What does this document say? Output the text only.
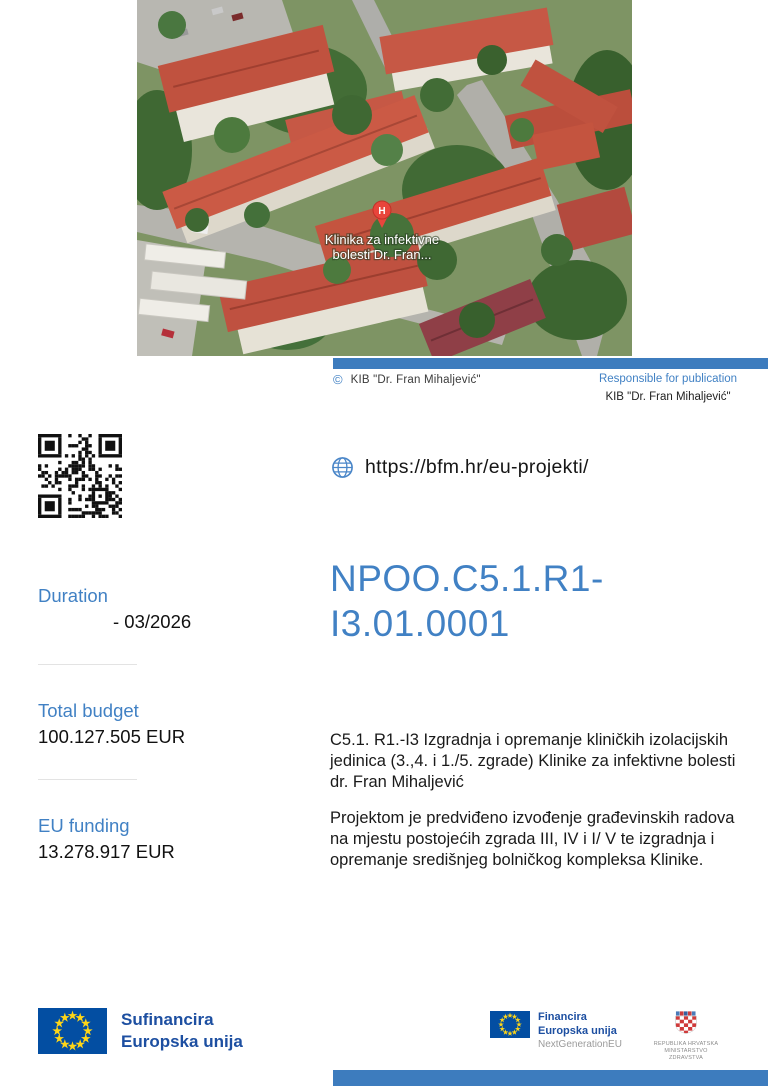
H
Klinika za infektivne
bolesti Dr. Fran...
© KIB "Dr. Fran Mihaljević"	Responsible for publication
KIB "Dr. Fran Mihaljević"
https://bfm.hr/eu-projekti/
Duration
- 03/2026
Total budget
100.127.505 EUR
EU funding
13.278.917 EUR
NPOO.C5.1.R1-I3.01.0001

C5.1. R1.-I3 Izgradnja i opremanje kliničkih izolacijskih jedinica (3.,4. i 1./5. zgrade) Klinike za infektivne bolesti dr. Fran Mihaljević

Projektom je predviđeno izvođenje građevinskih radova na mjestu postojećih zgrada III, IV i I/ V te izgradnja i opremanje središnjeg bolničkog kompleksa Klinike.

Sufinancira
Europska unija
Financira
Europska unija
NextGenerationEU	REPUBLIKA HRVATSKA
MINISTARSTVO ZDRAVSTVA
